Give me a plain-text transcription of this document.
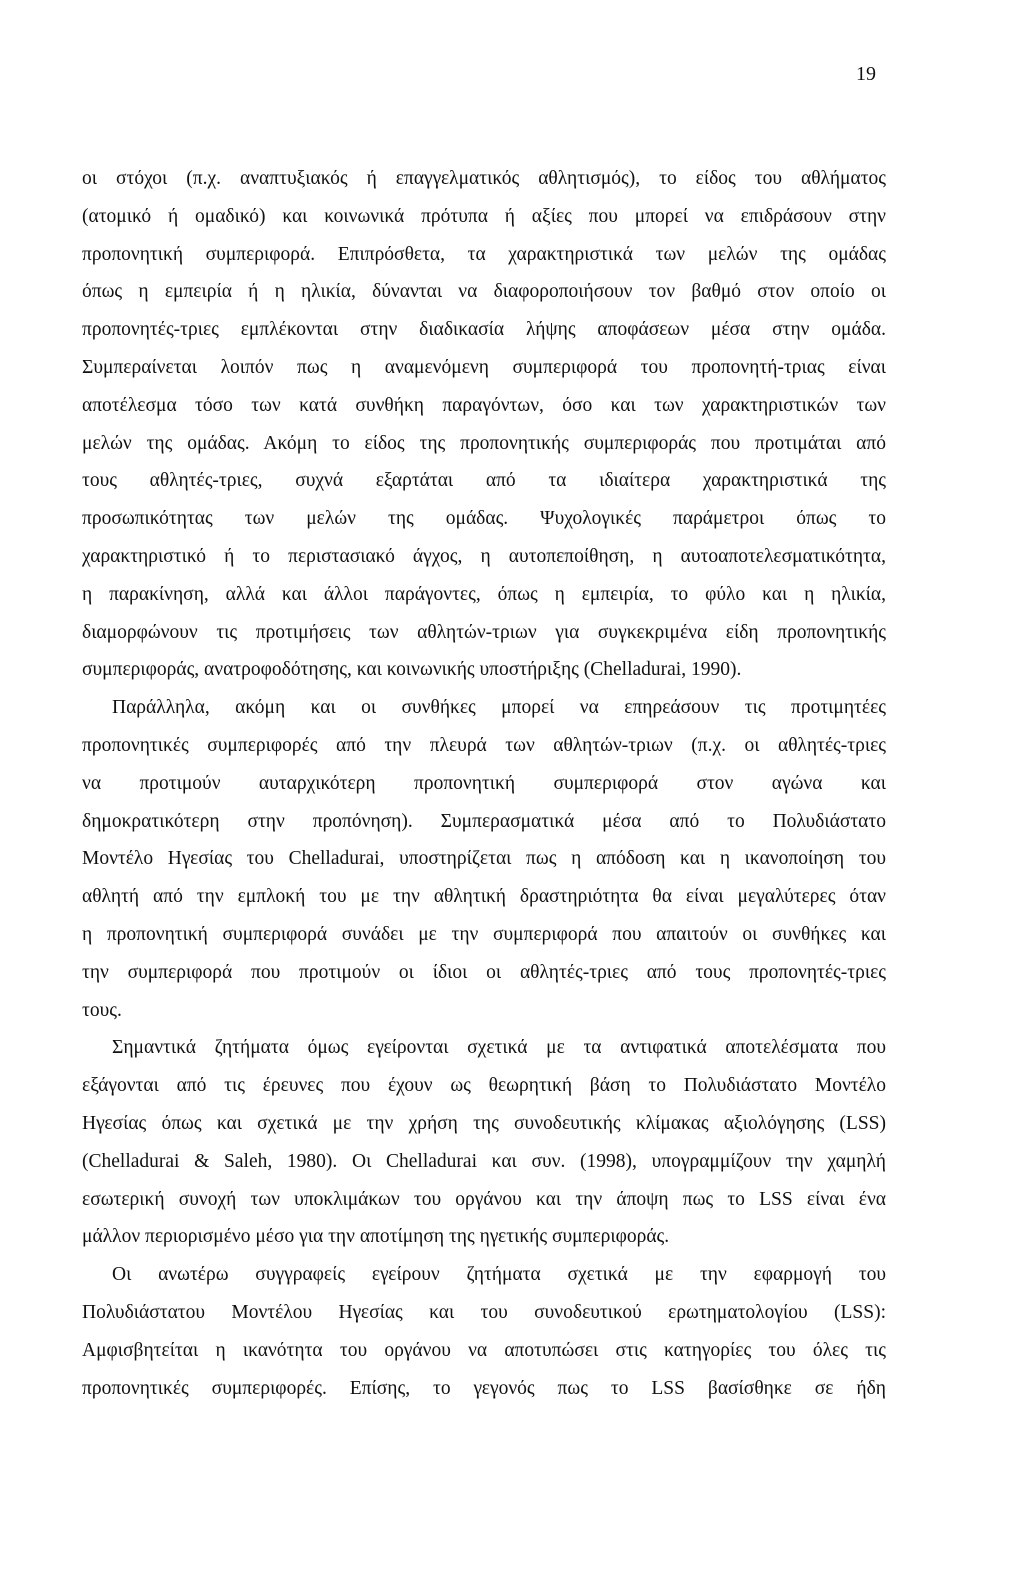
19
οι στόχοι (π.χ. αναπτυξιακός ή επαγγελματικός αθλητισμός), το είδος του αθλήματος
(ατομικό ή ομαδικό) και κοινωνικά πρότυπα ή αξίες που μπορεί να επιδράσουν στην
προπονητική συμπεριφορά. Επιπρόσθετα, τα χαρακτηριστικά των μελών της ομάδας
όπως η εμπειρία ή η ηλικία, δύνανται να διαφοροποιήσουν τον βαθμό στον οποίο οι
προπονητές-τριες εμπλέκονται στην διαδικασία λήψης αποφάσεων μέσα στην ομάδα.
Συμπεραίνεται λοιπόν πως η αναμενόμενη συμπεριφορά του προπονητή-τριας είναι
αποτέλεσμα τόσο των κατά συνθήκη παραγόντων, όσο και των χαρακτηριστικών των
μελών της ομάδας. Ακόμη το είδος της προπονητικής συμπεριφοράς που προτιμάται από
τους αθλητές-τριες, συχνά εξαρτάται από τα ιδιαίτερα χαρακτηριστικά της
προσωπικότητας των μελών της ομάδας. Ψυχολογικές παράμετροι όπως το
χαρακτηριστικό ή το περιστασιακό άγχος, η αυτοπεποίθηση, η αυτοαποτελεσματικότητα,
η παρακίνηση, αλλά και άλλοι παράγοντες, όπως η εμπειρία, το φύλο και η ηλικία,
διαμορφώνουν τις προτιμήσεις των αθλητών-τριων για συγκεκριμένα είδη προπονητικής
συμπεριφοράς, ανατροφοδότησης, και κοινωνικής υποστήριξης (Chelladurai, 1990).
Παράλληλα, ακόμη και οι συνθήκες μπορεί να επηρεάσουν τις προτιμητέες
προπονητικές συμπεριφορές από την πλευρά των αθλητών-τριων (π.χ. οι αθλητές-τριες
να προτιμούν αυταρχικότερη προπονητική συμπεριφορά στον αγώνα και
δημοκρατικότερη στην προπόνηση). Συμπερασματικά μέσα από το Πολυδιάστατο
Μοντέλο Ηγεσίας του Chelladurai, υποστηρίζεται πως η απόδοση και η ικανοποίηση του
αθλητή από την εμπλοκή του με την αθλητική δραστηριότητα θα είναι μεγαλύτερες όταν
η προπονητική συμπεριφορά συνάδει με την συμπεριφορά που απαιτούν οι συνθήκες και
την συμπεριφορά που προτιμούν οι ίδιοι οι αθλητές-τριες από τους προπονητές-τριες
τους.
Σημαντικά ζητήματα όμως εγείρονται σχετικά με τα αντιφατικά αποτελέσματα που
εξάγονται από τις έρευνες που έχουν ως θεωρητική βάση το Πολυδιάστατο Μοντέλο
Ηγεσίας όπως και σχετικά με την χρήση της συνοδευτικής κλίμακας αξιολόγησης (LSS)
(Chelladurai & Saleh, 1980). Οι Chelladurai και συν. (1998), υπογραμμίζουν την χαμηλή
εσωτερική συνοχή των υποκλιμάκων του οργάνου και την άποψη πως το LSS είναι ένα
μάλλον περιορισμένο μέσο για την αποτίμηση της ηγετικής συμπεριφοράς.
Οι ανωτέρω συγγραφείς εγείρουν ζητήματα σχετικά με την εφαρμογή του
Πολυδιάστατου Μοντέλου Ηγεσίας και του συνοδευτικού ερωτηματολογίου (LSS):
Αμφισβητείται η ικανότητα του οργάνου να αποτυπώσει στις κατηγορίες του όλες τις
προπονητικές συμπεριφορές. Επίσης, το γεγονός πως το LSS βασίσθηκε σε ήδη
